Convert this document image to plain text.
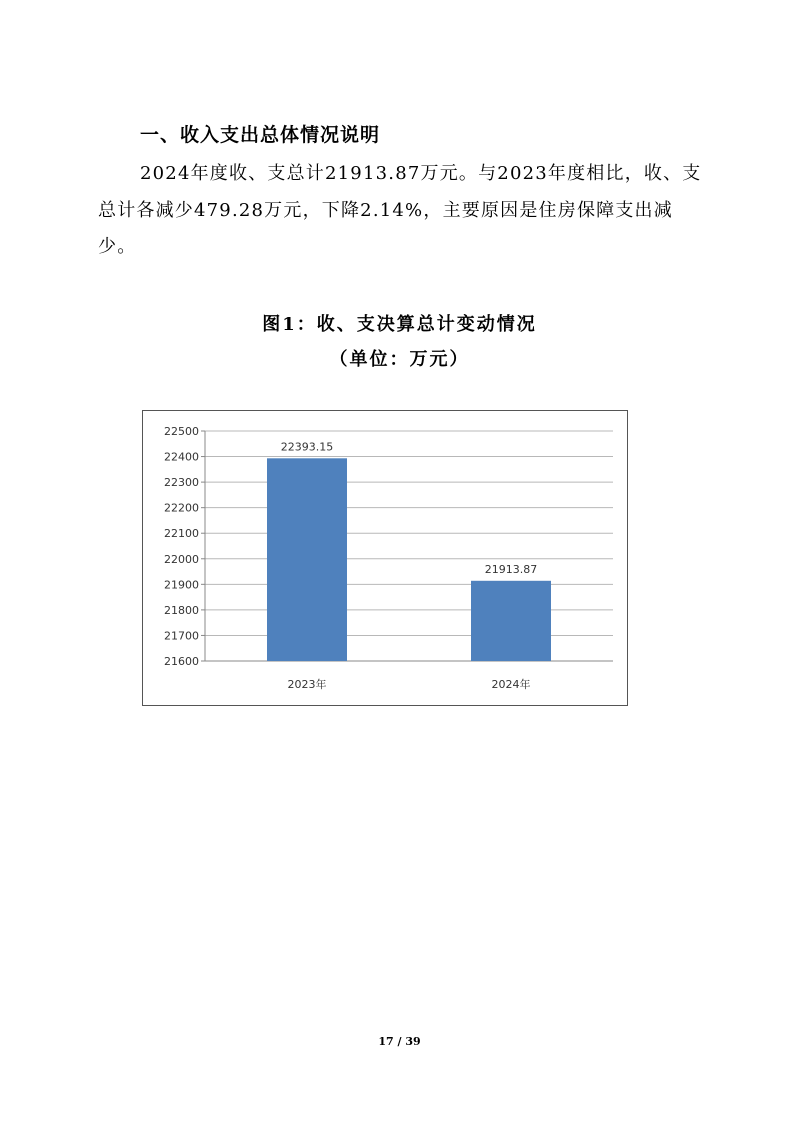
一、收入支出总体情况说明
2024年度收、支总计21913.87万元。与2023年度相比，收、支总计各减少479.28万元，下降2.14%，主要原因是住房保障支出减少。
图1：收、支决算总计变动情况
（单位：万元）
21600
21700
21800
21900
22000
22100
22200
22300
22400
22500
22393.15
2023年
21913.87
2024年
17 / 39
